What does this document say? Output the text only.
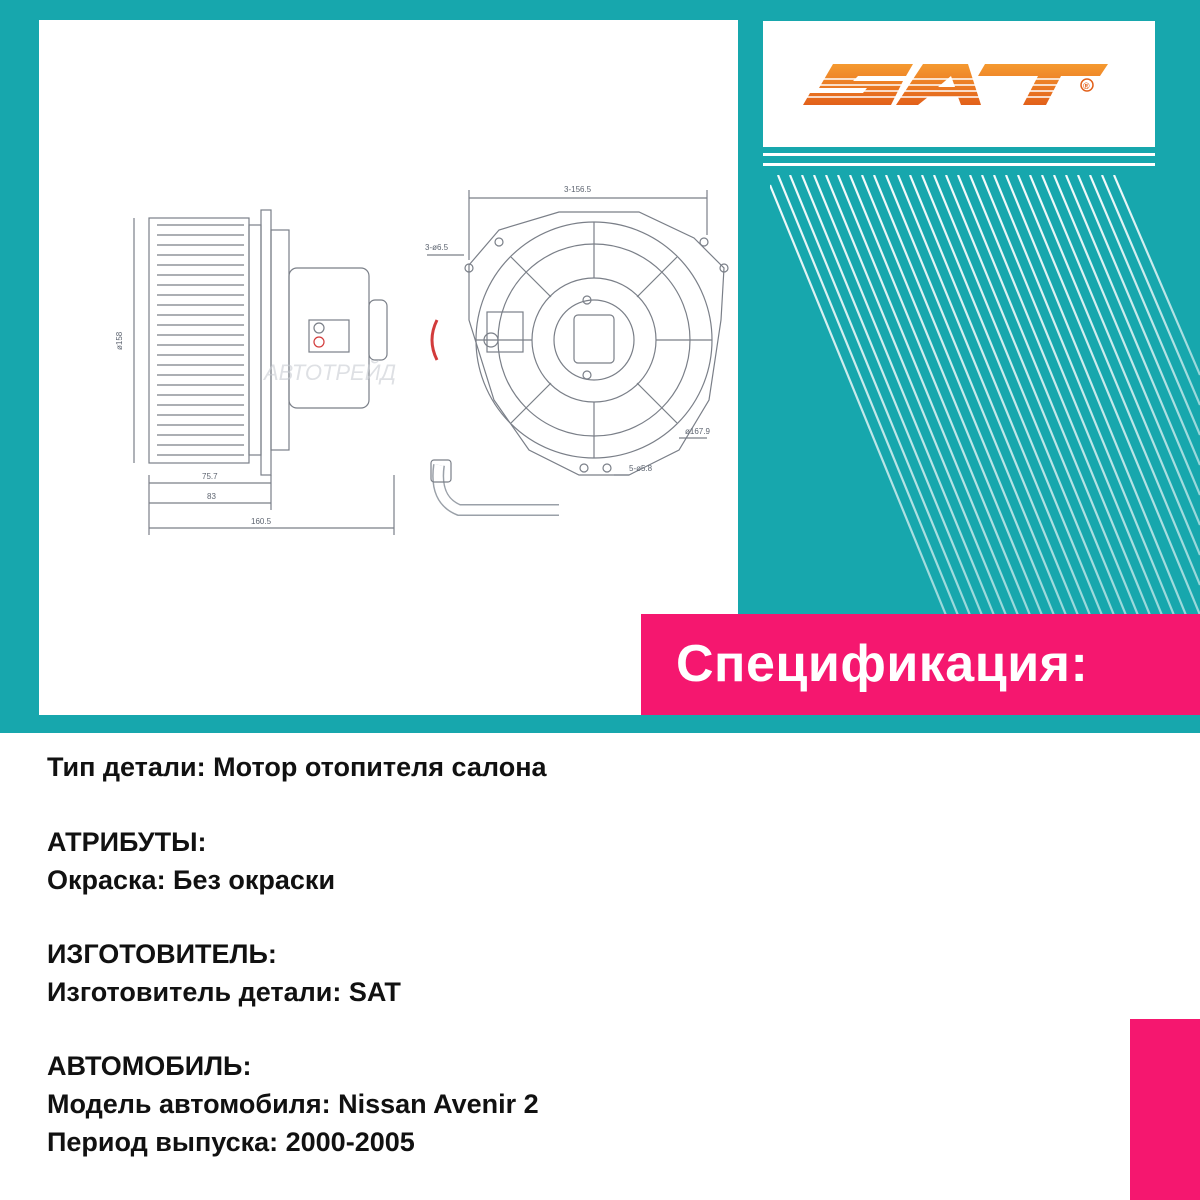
АВТОТРЕЙД
ø158
75.7
83
160.5
3-156.5
3-ø6.5
ø167.9
5-ø5.8
SAT
®
Спецификация:

Тип детали: Мотор отопителя салона

АТРИБУТЫ:

Окраска: Без окраски

ИЗГОТОВИТЕЛЬ:

Изготовитель детали: SAT

АВТОМОБИЛЬ:

Модель автомобиля: Nissan Avenir 2

Период выпуска: 2000-2005
